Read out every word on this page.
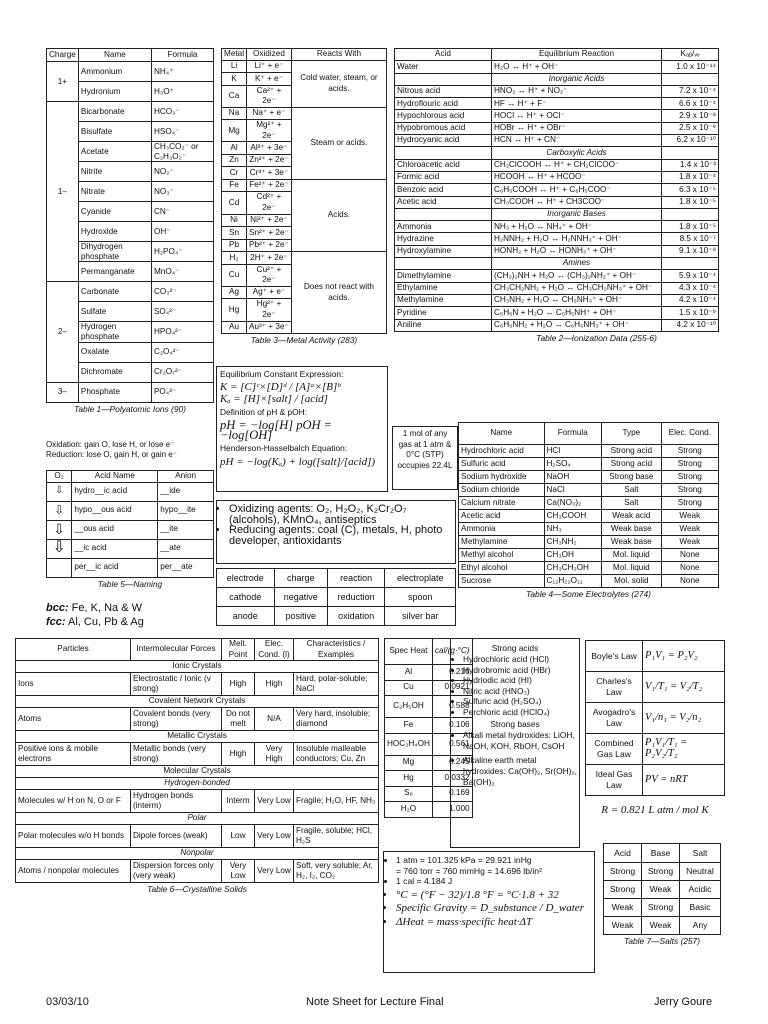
Charge	Name	Formula
1+	Ammonium	NH₄⁺
	Hydronium	H₃O⁺
1–	Bicarbonate	HCO₃⁻
	Bisulfate	HSO₄⁻
	Acetate	CH₃CO₂⁻ or C₂H₃O₂⁻
	Nitrite	NO₂⁻
	Nitrate	NO₃⁻
	Cyanide	CN⁻
	Hydroxide	OH⁻
	Dihydrogen phosphate	H₂PO₄⁻
	Permanganate	MnO₄⁻
2–	Carbonate	CO₃²⁻
	Sulfate	SO₄²⁻
	Hydrogen phosphate	HPO₄²⁻
	Oxalate	C₂O₄²⁻
	Dichromate	Cr₂O₇²⁻
3–	Phosphate	PO₄³⁻
Table 1—Polyatomic Ions (90)
Oxidation: gain O, lose H, or lose e⁻
Reduction: lose O, gain H, or gain e⁻
O₂	Acid Name	Anion
⇩	hydro__ic acid	__ide
⇩	hypo__ous acid	hypo__ite
⇩	__ous acid	__ite
⇩	__ic acid	__ate
	per__ic acid	per__ate
Table 5—Naming
bcc: Fe, K, Na & W
fcc: Al, Cu, Pb & Ag
Metal	Oxidized	Reacts With
Li	Li⁺ + e⁻	Cold water, steam, or acids.
K	K⁺ + e⁻	
Ca	Ca²⁺ + 2e⁻	
Na	Na⁺ + e⁻	Steam or acids.
Mg	Mg²⁺ + 2e⁻	
Al	Al³⁺ + 3e⁻	
Zn	Zn²⁺ + 2e⁻	
Cr	Cr³⁺ + 3e⁻	
Fe	Fe²⁺ + 2e⁻	Acids.
Cd	Cd²⁺ + 2e⁻	
Ni	Ni²⁺ + 2e⁻	
Sn	Sn²⁺ + 2e⁻	
Pb	Pb²⁺ + 2e⁻	
H₂	2H⁺ + 2e⁻	Does not react with acids.
Cu	Cu²⁺ + 2e⁻	
Ag	Ag⁺ + e⁻	
Hg	Hg²⁺ + 2e⁻	
Au	Au³⁺ + 3e⁻	
Table 3—Metal Activity (283)
Equilibrium Constant Expression:
K = [C]ᶜ×[D]ᵈ / [A]ᵃ×[B]ᵇ
Kₐ = [H]×[salt] / [acid]
Definition of pH & pOH:
pH = −log[H] pOH = −log[OH]
Henderson-Hasselbalch Equation:
pH = −log(Kₐ) + log([salt]/[acid])
1 mol of any gas at 1 atm & 0°C (STP) occupies 22.4L
• Oxidizing agents: O₂, H₂O₂, K₂Cr₂O₇ (alcohols), KMnO₄, antiseptics
• Reducing agents: coal (C), metals, H, photo developer, antioxidants
electrode	charge	reaction	electroplate
cathode	negative	reduction	spoon
anode	positive	oxidation	silver bar
Acid	Equilibrium Reaction	Kₐᵦ/ᵥᵥ
Water	H₂O ↔ H⁺ + OH⁻	1.0 x 10⁻¹⁴
	Inorganic Acids	
Nitrous acid	HNO₂ ↔ H⁺ + NO₂⁻	7.2 x 10⁻⁴
Hydroflouric acid	HF ↔ H⁺ + F⁻	6.6 x 10⁻⁴
Hypochlorous acid	HOCl ↔ H⁺ + OCl⁻	2.9 x 10⁻⁸
Hypobromous acid	HOBr ↔ H⁺ + OBr⁻	2.5 x 10⁻⁹
Hydrocyanic acid	HCN ↔ H⁺ + CN⁻	6.2 x 10⁻¹⁰
	Carboxylic Acids	
Chloroacetic acid	CH₂ClCOOH ↔ H⁺ + CH₂ClCOO⁻	1.4 x 10⁻³
Formic acid	HCOOH ↔ H⁺ + HCOO⁻	1.8 x 10⁻⁴
Benzoic acid	C₆H₅COOH ↔ H⁺ + C₆H₅COO⁻	6.3 x 10⁻⁵
Acetic acid	CH₃COOH ↔ H⁺ + CH3COO⁻	1.8 x 10⁻⁵
	Inorganic Bases	
Ammonia	NH₃ + H₂O ↔ NH₄⁺ + OH⁻	1.8 x 10⁻⁵
Hydrazine	H₂NNH₂ + H₂O ↔ H₂NNH₃⁺ + OH⁻	8.5 x 10⁻⁷
Hydroxylamine	HONH₂ + H₂O ↔ HONH₃⁺ + OH⁻	9.1 x 10⁻⁹
	Amines	
Dimethylamine	(CH₃)₂NH + H₂O ↔ (CH₃)₂NH₂⁺ + OH⁻	5.9 x 10⁻⁴
Ethylamine	CH₃CH₂NH₂ + H₂O ↔ CH₃CH₂NH₃⁺ + OH⁻	4.3 x 10⁻⁴
Methylamine	CH₃NH₂ + H₂O ↔ CH₃NH₃⁺ + OH⁻	4.2 x 10⁻⁴
Pyridine	C₅H₅N + H₂O ↔ C₅H₅NH⁺ + OH⁻	1.5 x 10⁻⁹
Aniline	C₆H₅NH₂ + H₂O ↔ C₆H₅NH₃⁺ + OH⁻	4.2 x 10⁻¹⁰
Table 2—Ionization Data (255-6)
Name	Formula	Type	Elec. Cond.
Hydrochloric acid	HCl	Strong acid	Strong
Sulfuric acid	H₂SO₄	Strong acid	Strong
Sodium hydroxide	NaOH	Strong base	Strong
Sodium chloride	NaCl	Salt	Strong
Calcium nitrate	Ca(NO₃)₂	Salt	Strong
Acetic acid	CH₃COOH	Weak acid	Weak
Ammonia	NH₃	Weak base	Weak
Methylamine	CH₃NH₂	Weak base	Weak
Methyl alcohol	CH₃OH	Mol. liquid	None
Ethyl alcohol	CH₃CH₂OH	Mol. liquid	None
Sucrose	C₁₂H₂₂O₁₁	Mol. solid	None
Table 4—Some Electrolytes (274)
Particles	Intermolecular Forces	Melt. Point	Elec. Cond. (l)	Characteristics / Examples
Ionic Crystals				
Ions	Electrostatic / Ionic (v strong)	High	High	Hard, polar-soluble; NaCl
Covalent Network Crystals				
Atoms	Covalent bonds (very strong)	Do not melt	N/A	Very hard, insoluble; diamond
Metallic Crystals				
Positive ions & mobile electrons	Metallic bonds (very strong)	High	Very High	Insoluble malleable conductors; Cu, Zn
Molecular Crystals				
Hydrogen-bonded				
Molecules w/ H on N, O or F	Hydrogen bonds (interm)	Interm	Very Low	Fragile; H₂O, HF, NH₃
Polar				
Polar molecules w/o H bonds	Dipole forces (weak)	Low	Very Low	Fragile, soluble; HCl, H₂S
Nonpolar				
Atoms / nonpolar molecules	Dispersion forces only (very weak)	Very Low	Very Low	Soft, very soluble; Ar, H₂, I₂, CO₂
Table 6—Crystalline Solids
Spec Heat	cal/(g·°C)
Al	0.216
Cu	0.0921
C₂H₅OH	0.588
Fe	0.106
HOC₂H₄OH	0.561
Mg	0.245
Hg	0.0332
S₈	0.169
H₂O	1.000
Strong acids
• Hydrochloric acid (HCl)
• Hydrobromic acid (HBr)
• Hydriodic acid (HI)
• Nitric acid (HNO₃)
• Sulfuric acid (H₂SO₄)
• Perchloric acid (HClO₄)
Strong bases
• Alkali metal hydroxides: LiOH, NaOH, KOH, RbOH, CsOH
• Alkaline earth metal hydroxides: Ca(OH)₂, Sr(OH)₂, Ba(OH)₂
Boyle's Law	P₁V₁ = P₂V₂
Charles's Law	V₁/T₁ = V₂/T₂
Avogadro's Law	V₁/n₁ = V₂/n₂
Combined Gas Law	P₁V₁/T₁ = P₂V₂/T₂
Ideal Gas Law	PV = nRT
R = 0.821 L atm / mol K
• 1 atm = 101.325 kPa = 29.921 inHg
= 760 torr = 760 mmHg = 14.696 lb/in²
• 1 cal = 4.184 J
• °C = (°F − 32)/1.8 °F = °C·1.8 + 32
• Specific Gravity = D_substance / D_water
• ΔHeat = mass·specific heat·ΔT
Acid	Base	Salt
Strong	Strong	Neutral
Strong	Weak	Acidic
Weak	Strong	Basic
Weak	Weak	Any
Table 7—Salts (257)
03/03/10	Note Sheet for Lecture Final	Jerry Goure
